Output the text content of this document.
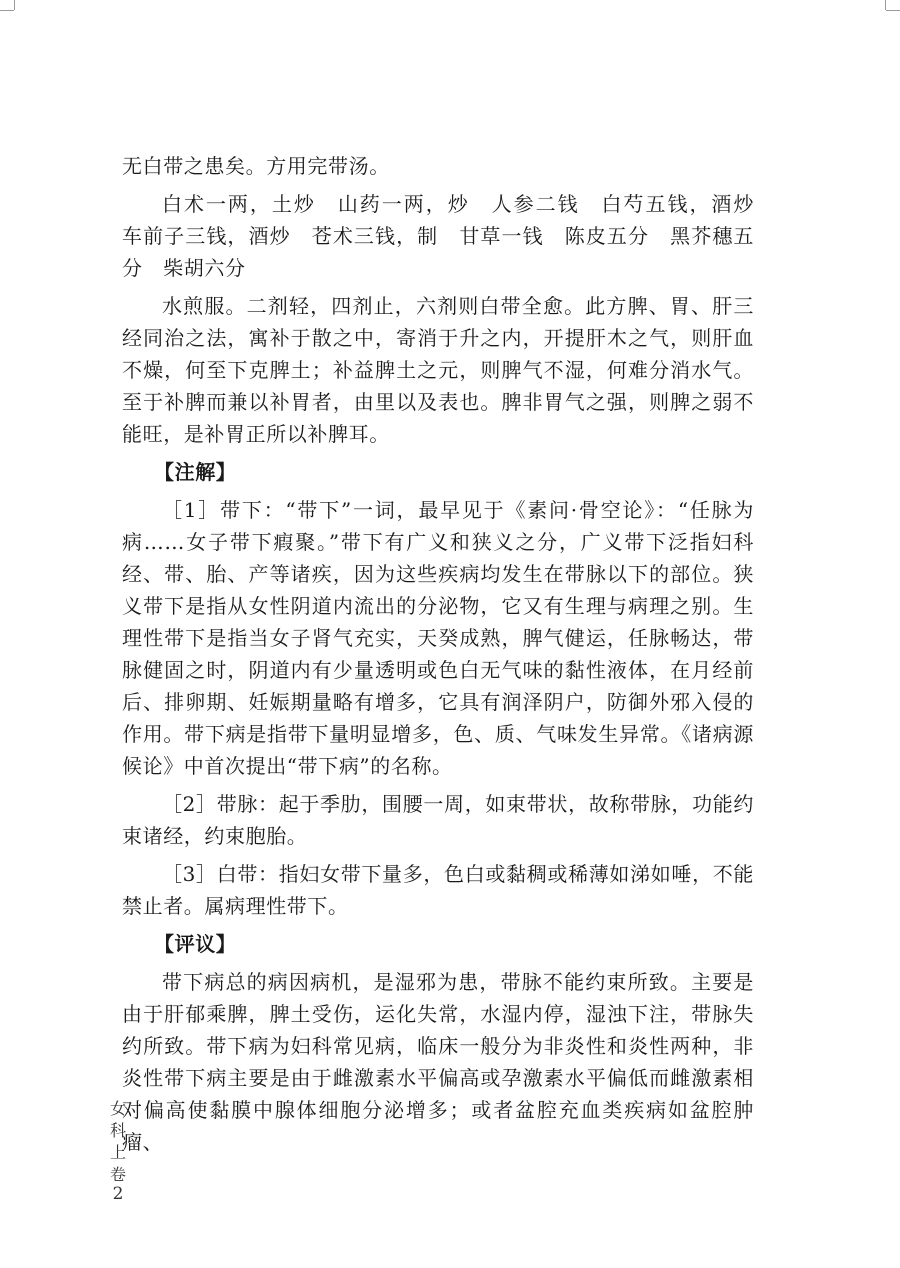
无白带之患矣。方用完带汤。

白术一两，土炒　山药一两，炒　人参二钱　白芍五钱，酒炒　车前子三钱，酒炒　苍术三钱，制　甘草一钱　陈皮五分　黑芥穗五分　柴胡六分

水煎服。二剂轻，四剂止，六剂则白带全愈。此方脾、胃、肝三经同治之法，寓补于散之中，寄消于升之内，开提肝木之气，则肝血不燥，何至下克脾土；补益脾土之元，则脾气不湿，何难分消水气。至于补脾而兼以补胃者，由里以及表也。脾非胃气之强，则脾之弱不能旺，是补胃正所以补脾耳。

【注解】

［1］带下：“带下”一词，最早见于《素问·骨空论》：“任脉为病……女子带下瘕聚。”带下有广义和狭义之分，广义带下泛指妇科经、带、胎、产等诸疾，因为这些疾病均发生在带脉以下的部位。狭义带下是指从女性阴道内流出的分泌物，它又有生理与病理之别。生理性带下是指当女子肾气充实，天癸成熟，脾气健运，任脉畅达，带脉健固之时，阴道内有少量透明或色白无气味的黏性液体，在月经前后、排卵期、妊娠期量略有增多，它具有润泽阴户，防御外邪入侵的作用。带下病是指带下量明显增多，色、质、气味发生异常。《诸病源候论》中首次提出“带下病”的名称。

［2］带脉：起于季肋，围腰一周，如束带状，故称带脉，功能约束诸经，约束胞胎。

［3］白带：指妇女带下量多，色白或黏稠或稀薄如涕如唾，不能禁止者。属病理性带下。

【评议】

带下病总的病因病机，是湿邪为患，带脉不能约束所致。主要是由于肝郁乘脾，脾土受伤，运化失常，水湿内停，湿浊下注，带脉失约所致。带下病为妇科常见病，临床一般分为非炎性和炎性两种，非炎性带下病主要是由于雌激素水平偏高或孕激素水平偏低而雌激素相对偏高使黏膜中腺体细胞分泌增多；或者盆腔充血类疾病如盆腔肿瘤、

女科上卷
2
